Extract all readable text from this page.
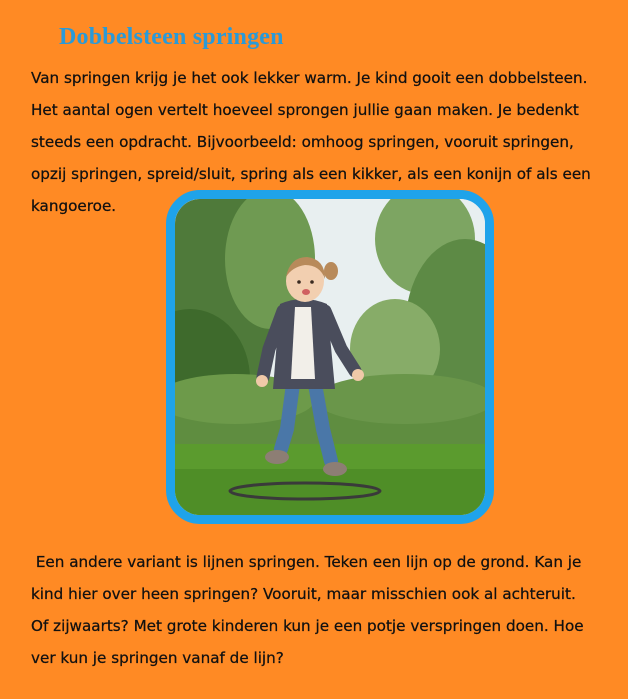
Dobbelsteen springen
Van springen krijg je het ook lekker warm. Je kind gooit een dobbelsteen.
Het aantal ogen vertelt hoeveel sprongen jullie gaan maken. Je bedenkt
steeds een opdracht. Bijvoorbeeld: omhoog springen, vooruit springen,
opzij springen, spreid/sluit, spring als een kikker, als een konijn of als een
kangoeroe.
Een andere variant is lijnen springen. Teken een lijn op de grond. Kan je
kind hier over heen springen? Vooruit, maar misschien ook al achteruit.
Of zijwaarts? Met grote kinderen kun je een potje verspringen doen. Hoe
ver kun je springen vanaf de lijn?
